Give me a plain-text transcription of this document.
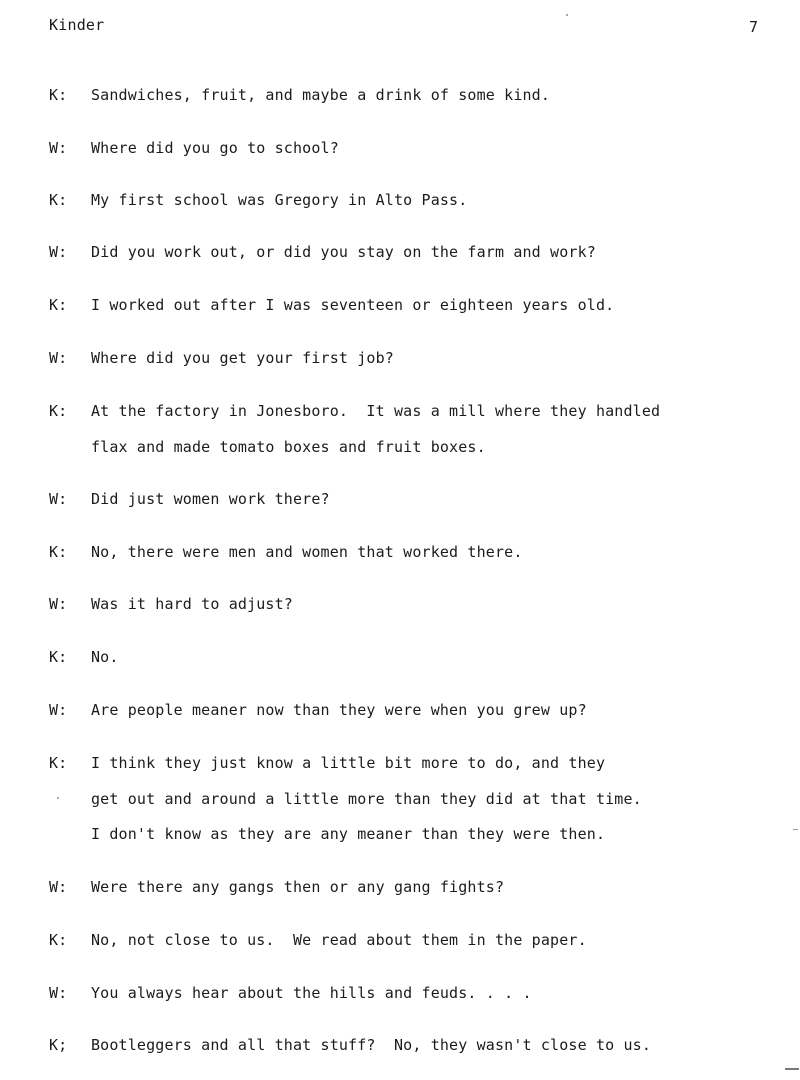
Kinder	7
K:	Sandwiches, fruit, and maybe a drink of some kind.
W:	Where did you go to school?
K:	My first school was Gregory in Alto Pass.
W:	Did you work out, or did you stay on the farm and work?
K:	I worked out after I was seventeen or eighteen years old.
W:	Where did you get your first job?
K:	At the factory in Jonesboro.  It was a mill where they handled
flax and made tomato boxes and fruit boxes.
W:	Did just women work there?
K:	No, there were men and women that worked there.
W:	Was it hard to adjust?
K:	No.
W:	Are people meaner now than they were when you grew up?
K:	I think they just know a little bit more to do, and they
get out and around a little more than they did at that time.
I don't know as they are any meaner than they were then.
W:	Were there any gangs then or any gang fights?
K:	No, not close to us.  We read about them in the paper.
W:	You always hear about the hills and feuds. . . .
K;	Bootleggers and all that stuff?  No, they wasn't close to us.
